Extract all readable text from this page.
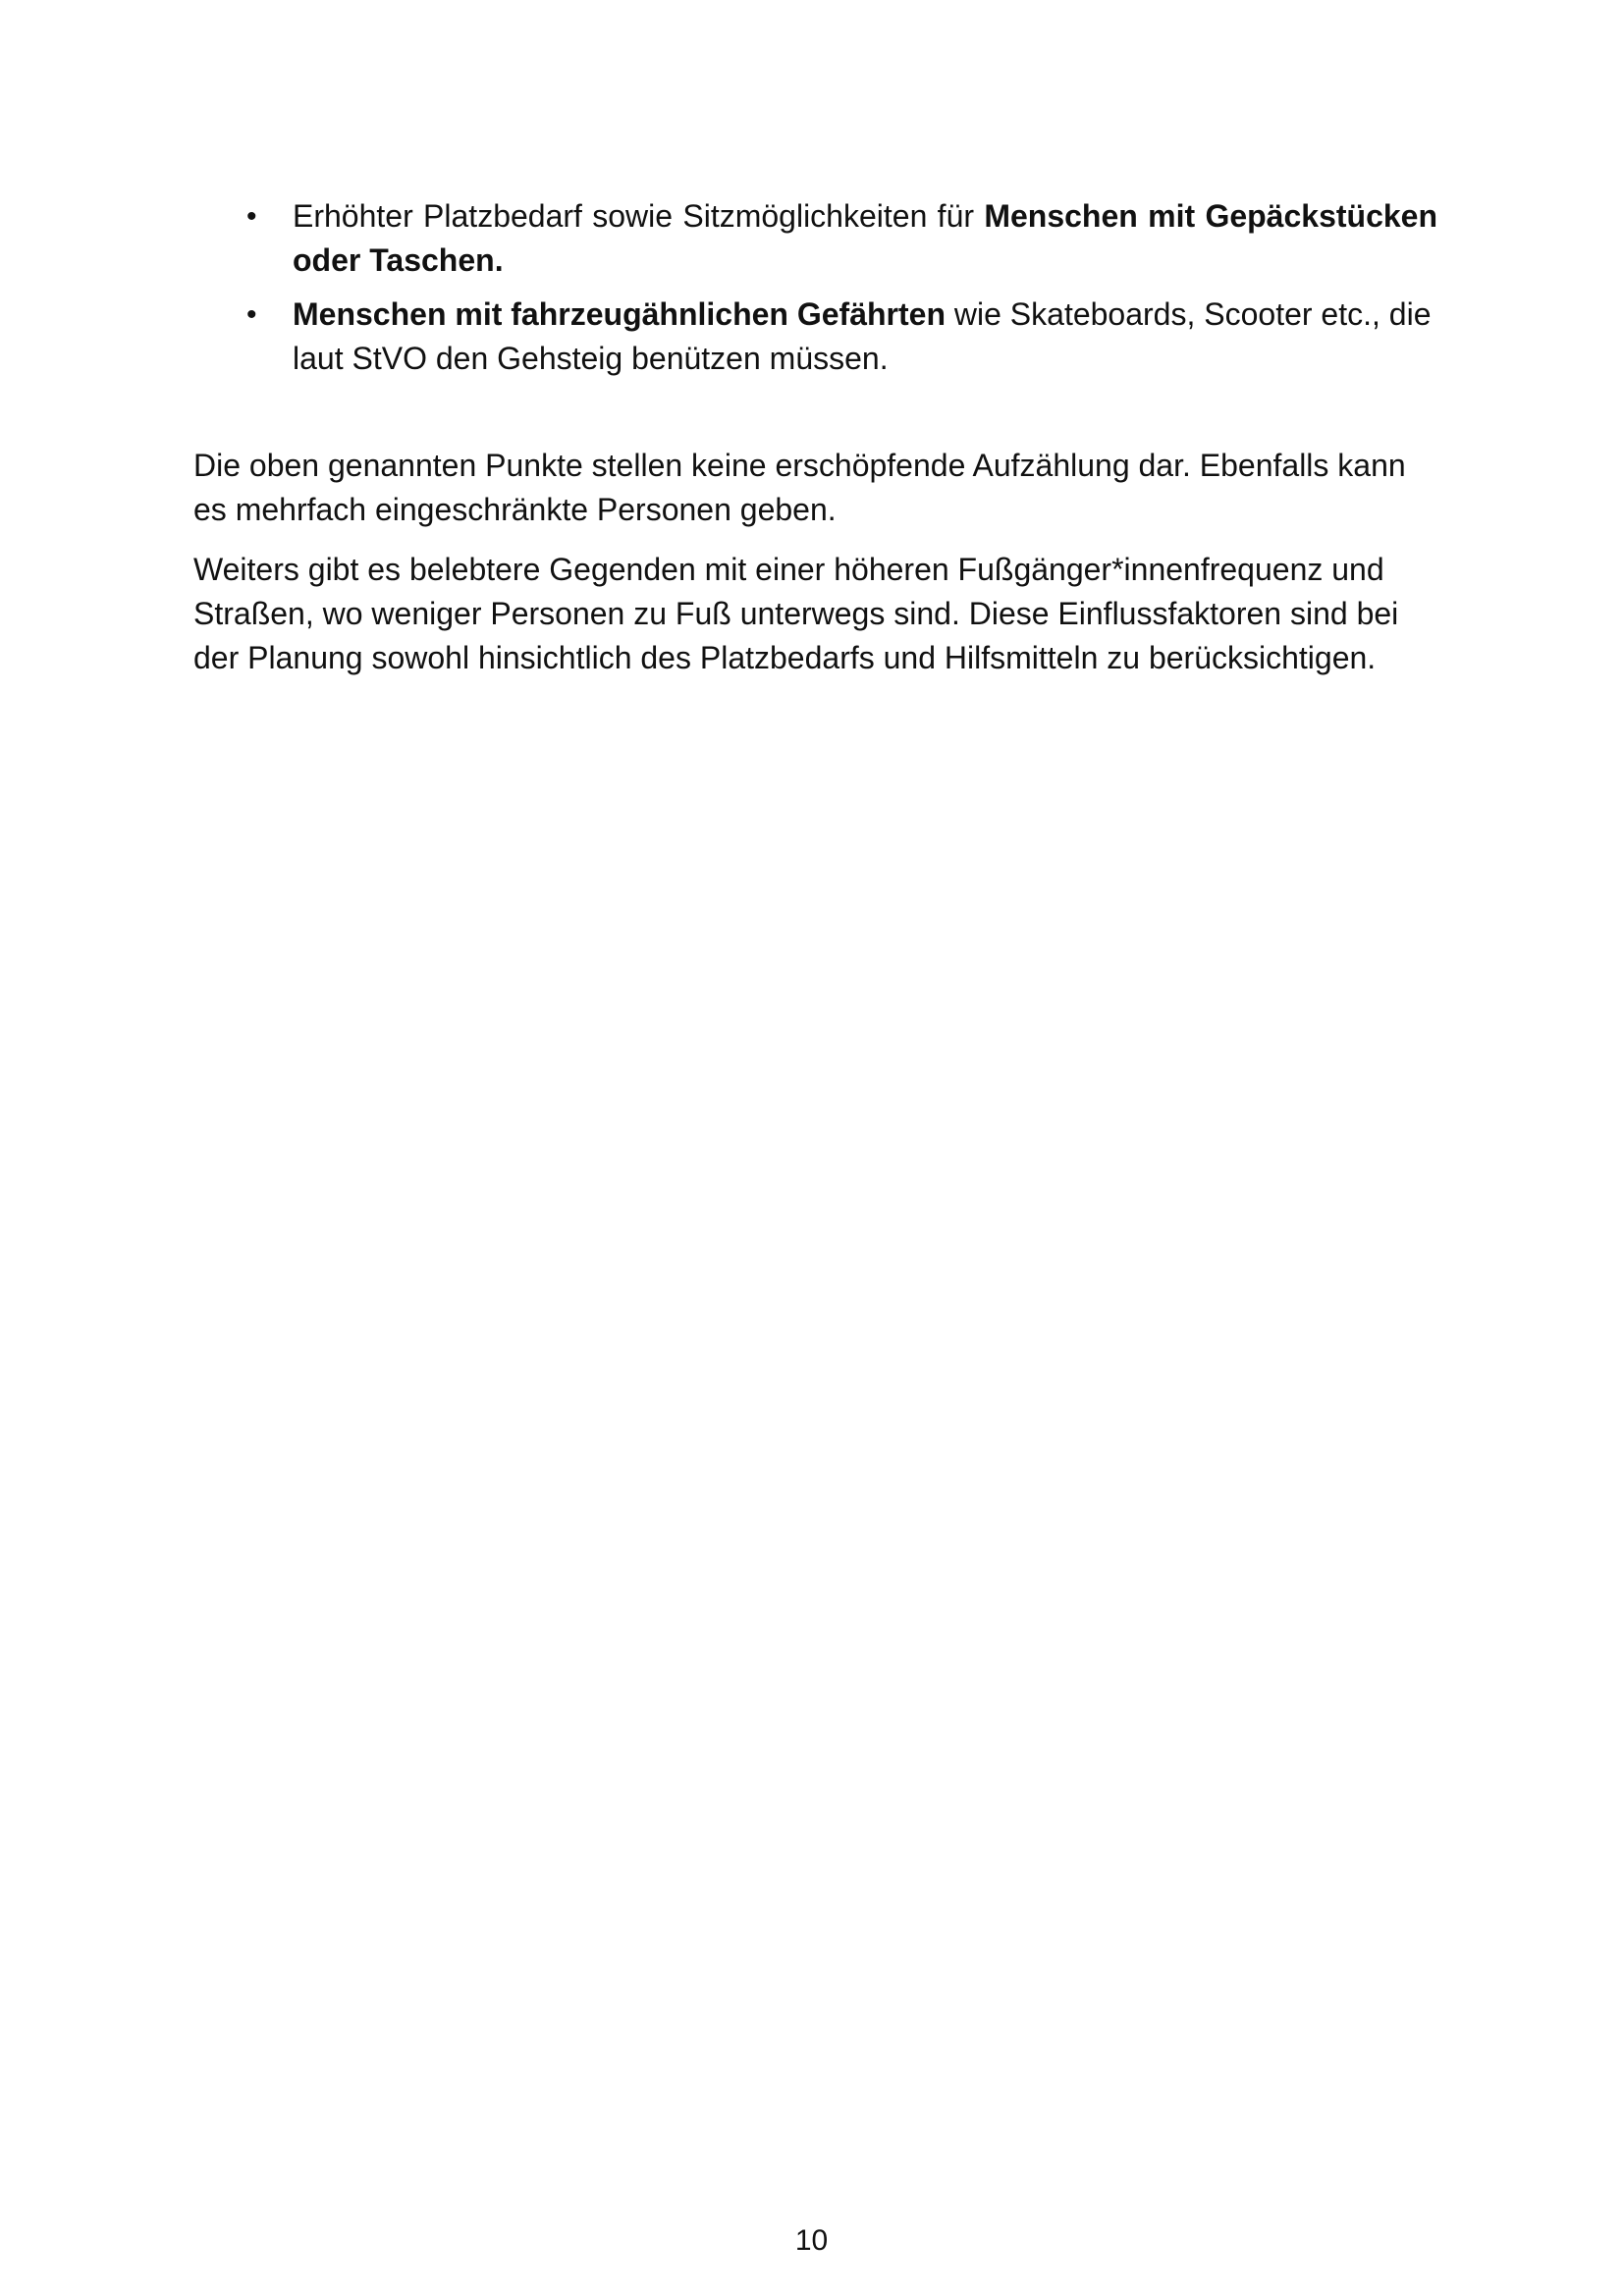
• Erhöhter Platzbedarf sowie Sitzmöglichkeiten für Menschen mit Gepäckstücken oder Taschen.
• Menschen mit fahrzeugähnlichen Gefährten wie Skateboards, Scooter etc., die laut StVO den Gehsteig benützen müssen.

Die oben genannten Punkte stellen keine erschöpfende Aufzählung dar. Ebenfalls kann es mehrfach eingeschränkte Personen geben.

Weiters gibt es belebtere Gegenden mit einer höheren Fußgänger*innenfrequenz und Straßen, wo weniger Personen zu Fuß unterwegs sind. Diese Einflussfaktoren sind bei der Planung sowohl hinsichtlich des Platzbedarfs und Hilfsmitteln zu berücksichtigen.

10
